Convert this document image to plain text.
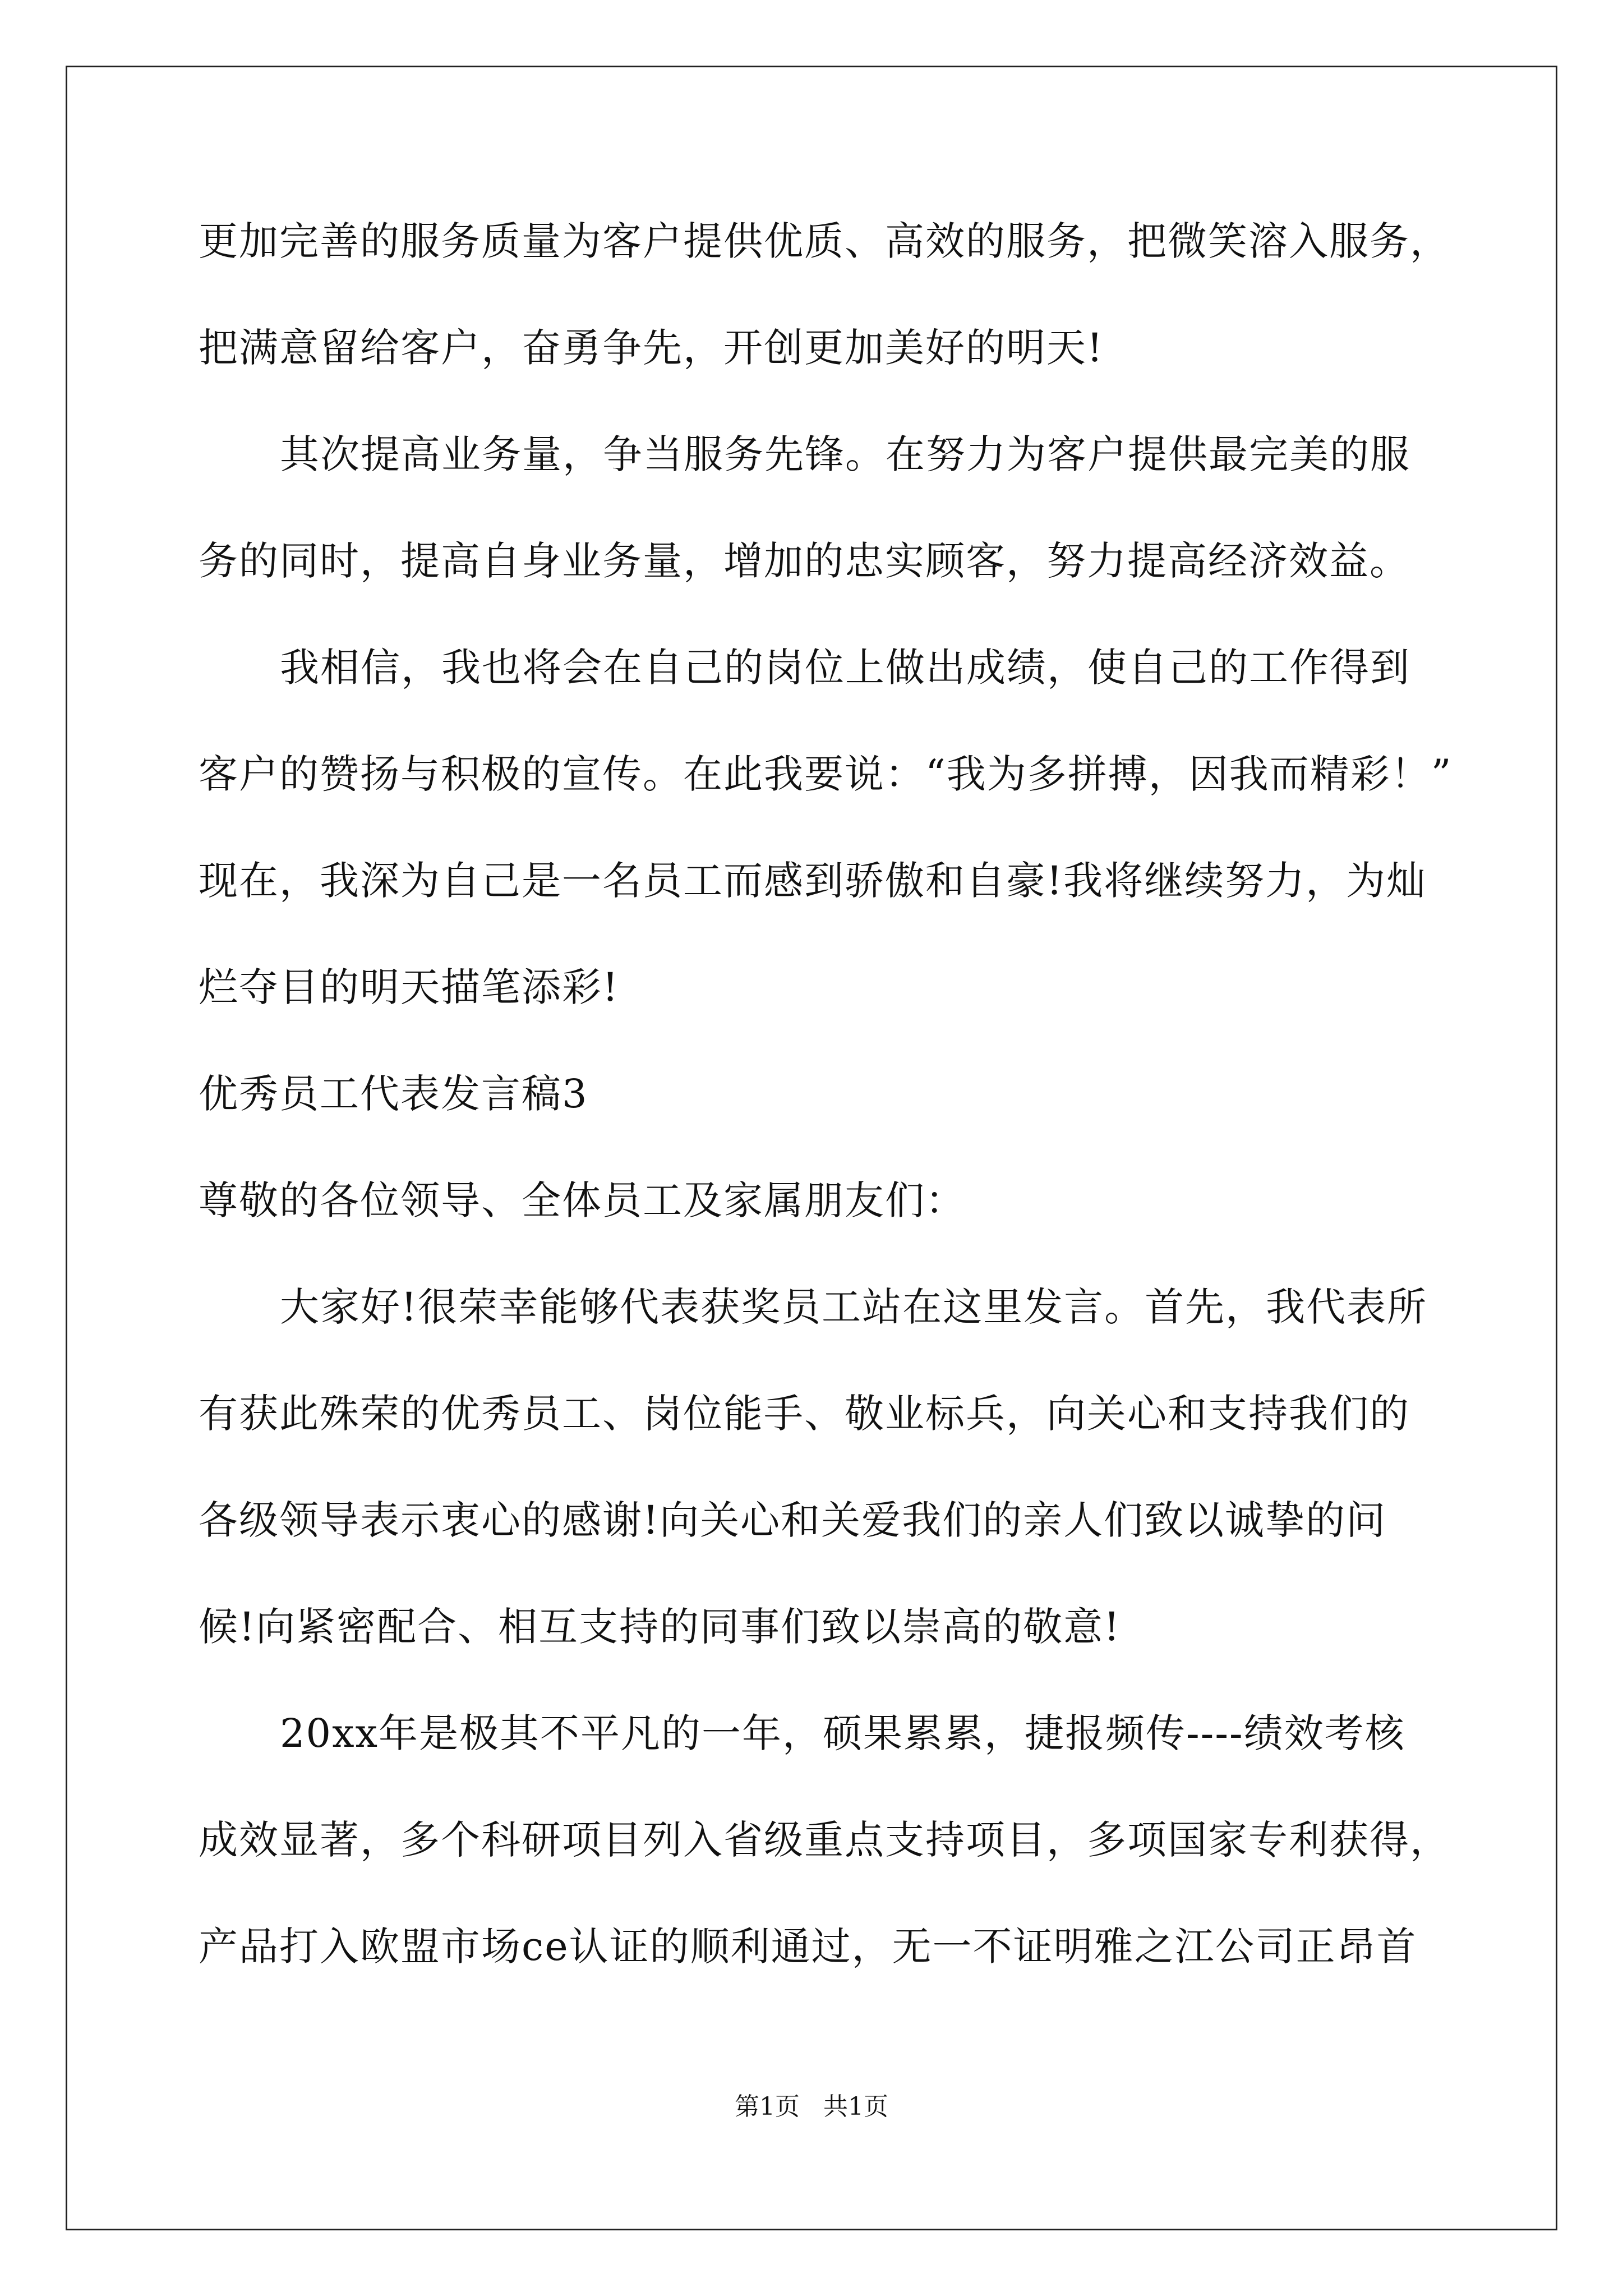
更加完善的服务质量为客户提供优质、高效的服务，把微笑溶入服务，
把满意留给客户，奋勇争先，开创更加美好的明天!
其次提高业务量，争当服务先锋。在努力为客户提供最完美的服
务的同时，提高自身业务量，增加的忠实顾客，努力提高经济效益。
我相信，我也将会在自己的岗位上做出成绩，使自己的工作得到
客户的赞扬与积极的宣传。在此我要说：“我为多拼搏，因我而精彩！”
现在，我深为自己是一名员工而感到骄傲和自豪!我将继续努力，为灿
烂夺目的明天描笔添彩!
优秀员工代表发言稿3
尊敬的各位领导、全体员工及家属朋友们：
大家好!很荣幸能够代表获奖员工站在这里发言。首先，我代表所
有获此殊荣的优秀员工、岗位能手、敬业标兵，向关心和支持我们的
各级领导表示衷心的感谢!向关心和关爱我们的亲人们致以诚挚的问
候!向紧密配合、相互支持的同事们致以崇高的敬意!
20xx年是极其不平凡的一年，硕果累累，捷报频传----绩效考核
成效显著，多个科研项目列入省级重点支持项目，多项国家专利获得，
产品打入欧盟市场ce认证的顺利通过，无一不证明雅之江公司正昂首
第1页   共1页
